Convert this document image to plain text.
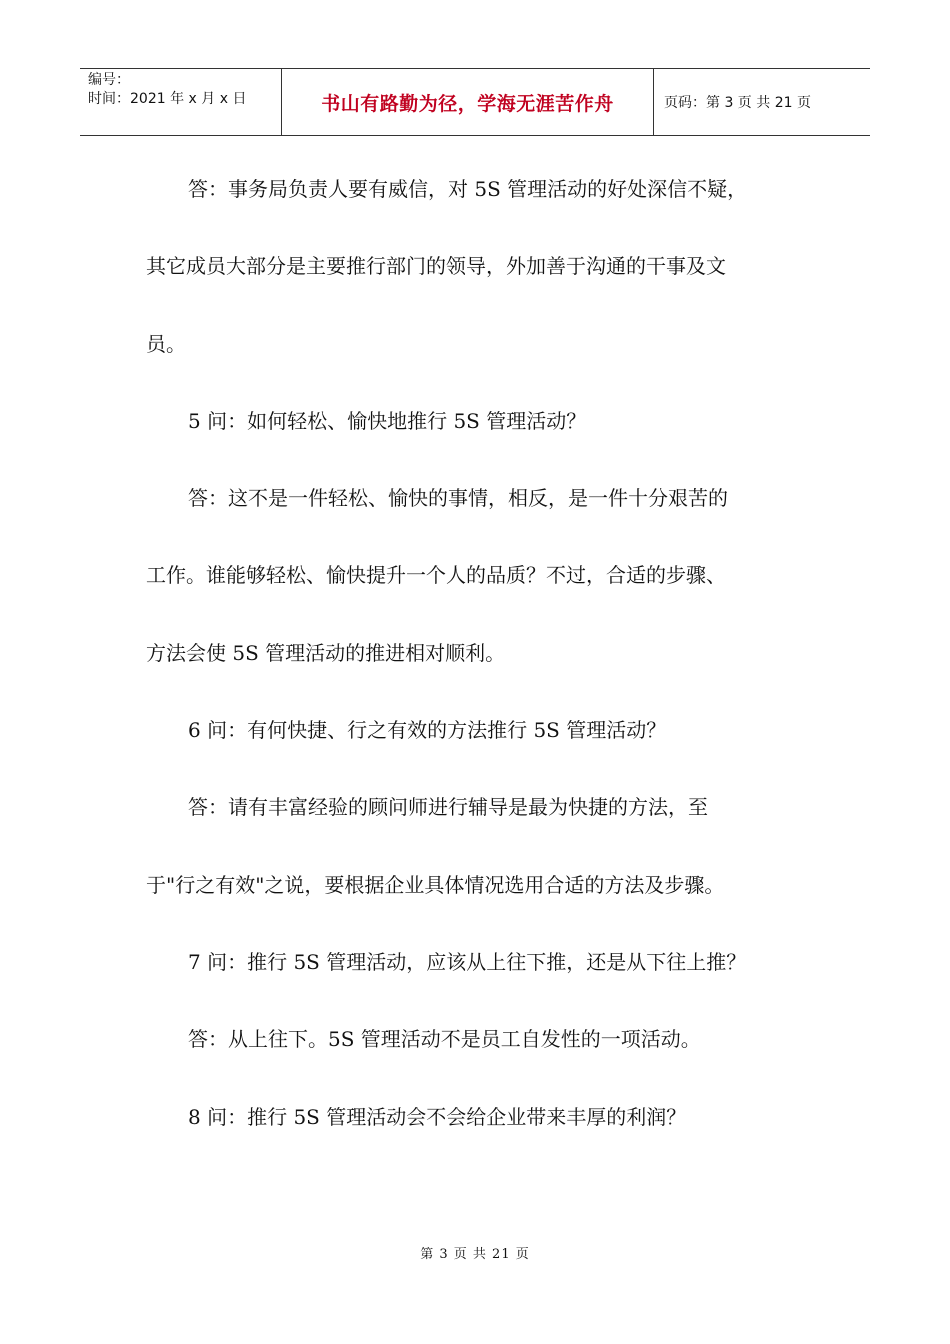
编号：
时间：2021 年 x 月 x 日	书山有路勤为径，学海无涯苦作舟	页码：第 3 页 共 21 页

答：事务局负责人要有威信，对 5S 管理活动的好处深信不疑，

其它成员大部分是主要推行部门的领导，外加善于沟通的干事及文

员。

5 问：如何轻松、愉快地推行 5S 管理活动？

答：这不是一件轻松、愉快的事情，相反，是一件十分艰苦的

工作。谁能够轻松、愉快提升一个人的品质？不过，合适的步骤、

方法会使 5S 管理活动的推进相对顺利。

6 问：有何快捷、行之有效的方法推行 5S 管理活动？

答：请有丰富经验的顾问师进行辅导是最为快捷的方法，至

于"行之有效"之说，要根据企业具体情况选用合适的方法及步骤。

7 问：推行 5S 管理活动，应该从上往下推，还是从下往上推？

答：从上往下。5S 管理活动不是员工自发性的一项活动。

8 问：推行 5S 管理活动会不会给企业带来丰厚的利润？

第 3 页 共 21 页
